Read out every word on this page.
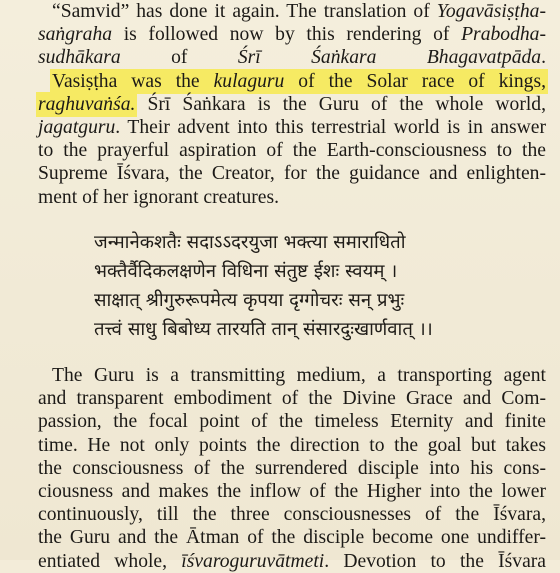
“Samvid” has done it again. The translation of Yogavāsiṣṭha-
saṅgraha is followed now by this rendering of Prabodha-
sudhākara of Śrī Śaṅkara Bhagavatpāda.
Vasiṣṭha was the kulaguru of the Solar race of kings,
raghuvaṅśa. Śrī Śaṅkara is the Guru of the whole world,
jagatguru. Their advent into this terrestrial world is in answer
to the prayerful aspiration of the Earth-consciousness to the
Supreme Īśvara, the Creator, for the guidance and enlighten-
ment of her ignorant creatures.
जन्मानेकशतैः सदाऽऽदरयुजा भक्त्या समाराधितो
भक्तैर्वैदिकलक्षणेन विधिना संतुष्ट ईशः स्वयम् ।
साक्षात् श्रीगुरुरूपमेत्य कृपया दृग्गोचरः सन् प्रभुः
तत्त्वं साधु बिबोध्य तारयति तान् संसारदुःखार्णवात् ।।
The Guru is a transmitting medium, a transporting agent
and transparent embodiment of the Divine Grace and Com-
passion, the focal point of the timeless Eternity and finite
time. He not only points the direction to the goal but takes
the consciousness of the surrendered disciple into his cons-
ciousness and makes the inflow of the Higher into the lower
continuously, till the three consciousnesses of the Īśvara,
the Guru and the Ātman of the disciple become one undiffer-
entiated whole, īśvaroguruvātmeti. Devotion to the Īśvara
